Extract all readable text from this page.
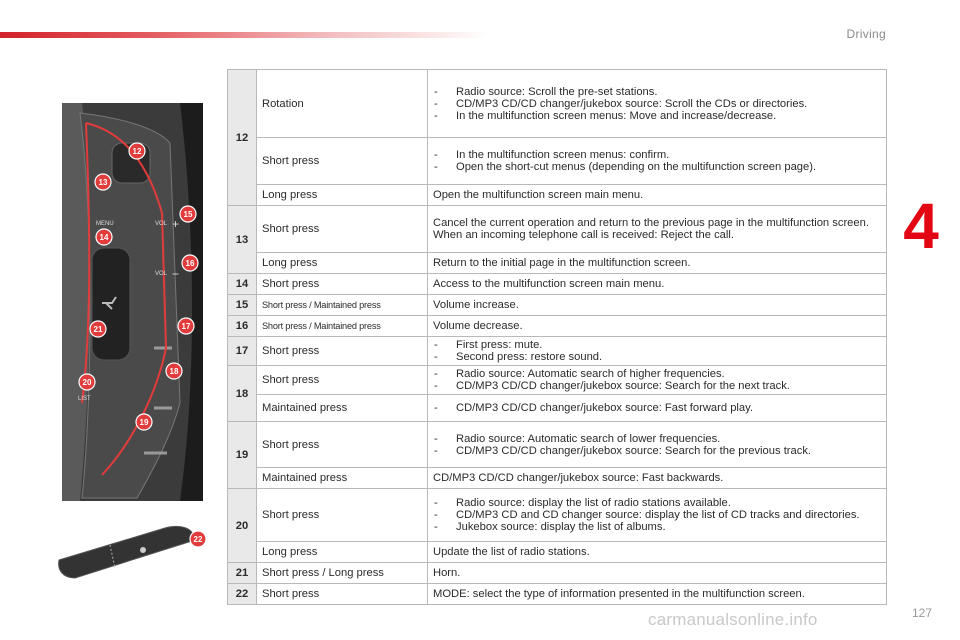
Driving
4
127
carmanualsonline.info
MENU	VOL +
VOL −
LIST
12
13
14
15
16
17
21
18
20
19
22
12	Rotation	- Radio source: Scroll the pre-set stations.
- CD/MP3 CD/CD changer/jukebox source: Scroll the CDs or directories.
- In the multifunction screen menus: Move and increase/decrease.

	Short press	- In the multifunction screen menus: confirm.
- Open the short-cut menus (depending on the multifunction screen page).

	Long press	Open the multifunction screen main menu.
13	Short press	Cancel the current operation and return to the previous page in the multifunction screen. When an incoming telephone call is received: Reject the call.
	Long press	Return to the initial page in the multifunction screen.
14	Short press	Access to the multifunction screen main menu.
15	Short press / Maintained press	Volume increase.
16	Short press / Maintained press	Volume decrease.
17	Short press	- First press: mute.
- Second press: restore sound.

18	Short press	- Radio source: Automatic search of higher frequencies.
- CD/MP3 CD/CD changer/jukebox source: Search for the next track.

	Maintained press	- CD/MP3 CD/CD changer/jukebox source: Fast forward play.

19	Short press	- Radio source: Automatic search of lower frequencies.
- CD/MP3 CD/CD changer/jukebox source: Search for the previous track.

	Maintained press	CD/MP3 CD/CD changer/jukebox source: Fast backwards.
20	Short press	- Radio source: display the list of radio stations available.
- CD/MP3 CD and CD changer source: display the list of CD tracks and directories.
- Jukebox source: display the list of albums.

	Long press	Update the list of radio stations.
21	Short press / Long press	Horn.
22	Short press	MODE: select the type of information presented in the multifunction screen.
